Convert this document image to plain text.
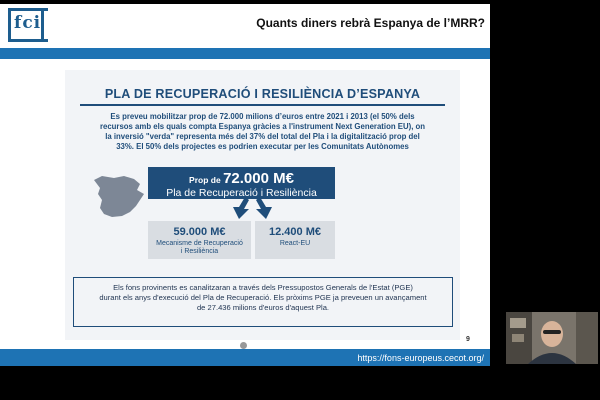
fci	Quants diners rebrà Espanya de l’MRR?
PLA DE RECUPERACIÓ I RESILIÈNCIA D’ESPANYA
Es preveu mobilitzar prop de 72.000 milions d’euros entre 2021 i 2013 (el 50% dels
recursos amb els quals compta Espanya gràcies a l'instrument Next Generation EU), on
la inversió "verda" representa més del 37% del total del Pla i la digitalització prop del
33%. El 50% dels projectes es podrien executar per les Comunitats Autònomes
Prop de 72.000 M€
Pla de Recuperació i Resiliència
59.000 M€
Mecanisme de Recuperació
i Resiliència
12.400 M€
React-EU
Els fons provinents es canalitzaran a través dels Pressupostos Generals de l'Estat (PGE)
durant els anys d'execució del Pla de Recuperació. Els pròxims PGE ja preveuen un avançament
de 27.436 milions d'euros d'aquest Pla.
9
https://fons-europeus.cecot.org/
